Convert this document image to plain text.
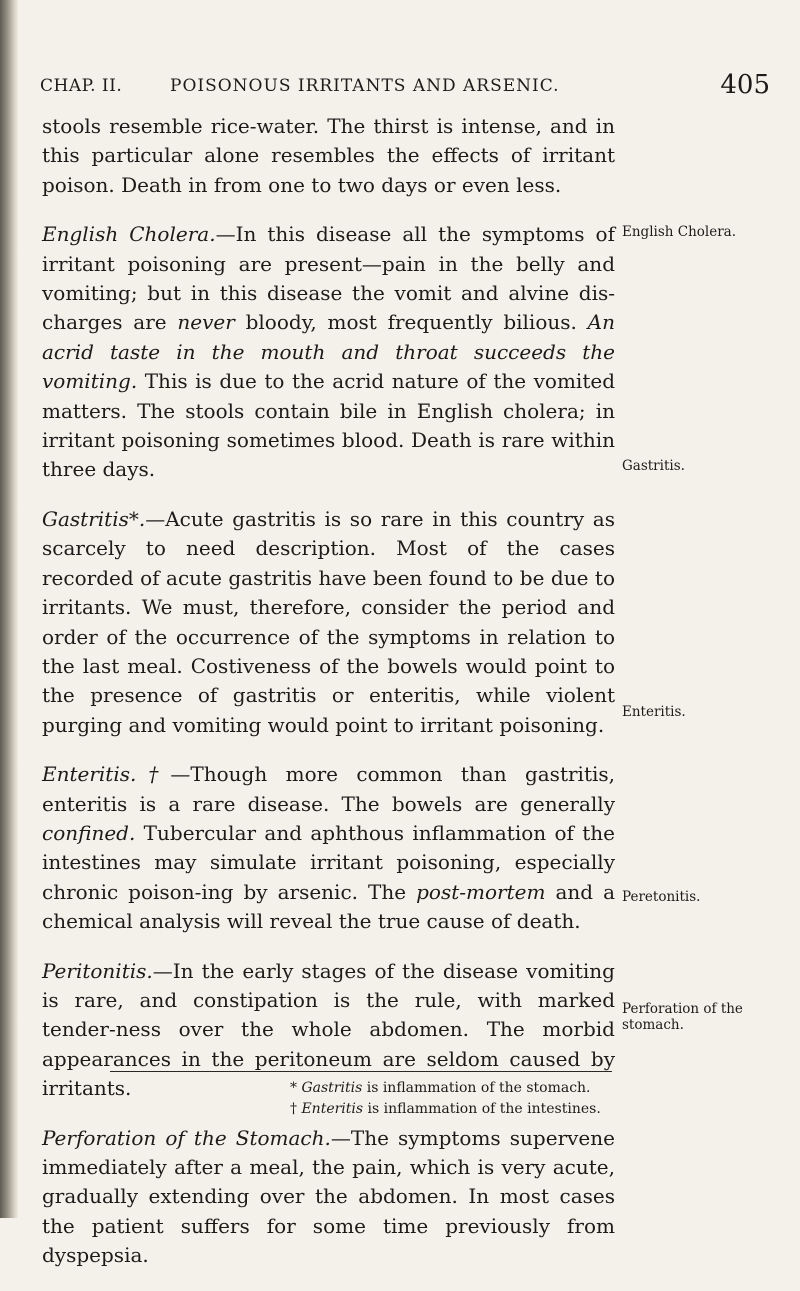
CHAP. II.	POISONOUS IRRITANTS AND ARSENIC.	405

stools resemble rice-water. The thirst is intense, and in this particular alone resembles the effects of irritant poison. Death in from one to two days or even less.

English Cholera.—In this disease all the symptoms of irritant poisoning are present—pain in the belly and vomiting; but in this disease the vomit and alvine dis-charges are never bloody, most frequently bilious. An acrid taste in the mouth and throat succeeds the vomiting. This is due to the acrid nature of the vomited matters. The stools contain bile in English cholera; in irritant poisoning sometimes blood. Death is rare within three days.

Gastritis*.—Acute gastritis is so rare in this country as scarcely to need description. Most of the cases recorded of acute gastritis have been found to be due to irritants. We must, therefore, consider the period and order of the occurrence of the symptoms in relation to the last meal. Costiveness of the bowels would point to the presence of gastritis or enteritis, while violent purging and vomiting would point to irritant poisoning.

Enteritis.†—Though more common than gastritis, enteritis is a rare disease. The bowels are generally confined. Tubercular and aphthous inflammation of the intestines may simulate irritant poisoning, especially chronic poison-ing by arsenic. The post-mortem and a chemical analysis will reveal the true cause of death.

Peritonitis.—In the early stages of the disease vomiting is rare, and constipation is the rule, with marked tender-ness over the whole abdomen. The morbid appearances in the peritoneum are seldom caused by irritants.

Perforation of the Stomach.—The symptoms supervene immediately after a meal, the pain, which is very acute, gradually extending over the abdomen. In most cases the patient suffers for some time previously from dyspepsia.

English Cholera.
Gastritis.
Enteritis.
Peretonitis.
Perforation of the stomach.
* Gastritis is inflammation of the stomach.
† Enteritis is inflammation of the intestines.
